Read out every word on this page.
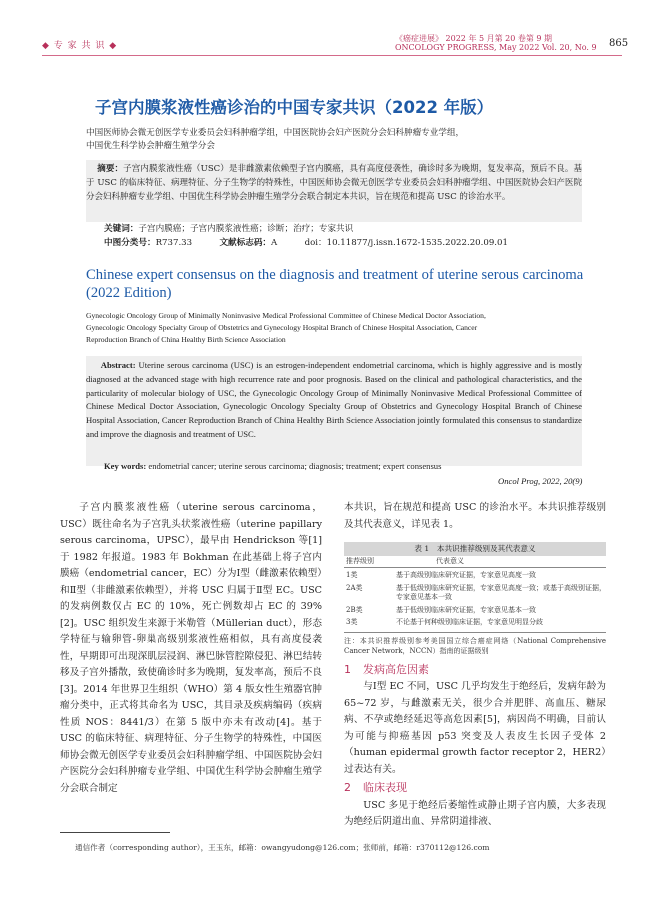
◆ 专 家 共 识 ◆
《癌症进展》 2022 年 5 月第 20 卷第 9 期
ONCOLOGY PROGRESS, May 2022 Vol. 20, No. 9 865
子宫内膜浆液性癌诊治的中国专家共识（2022 年版）
中国医师协会微无创医学专业委员会妇科肿瘤学组，中国医院协会妇产医院分会妇科肿瘤专业学组，
中国优生科学协会肿瘤生殖学分会
摘要：子宫内膜浆液性癌（USC）是非雌激素依赖型子宫内膜癌，具有高度侵袭性，确诊时多为晚期，复发率高，预后不良。基于 USC 的临床特征、病理特征、分子生物学的特殊性，中国医师协会微无创医学专业委员会妇科肿瘤学组、中国医院协会妇产医院分会妇科肿瘤专业学组、中国优生科学协会肿瘤生殖学分会联合制定本共识，旨在规范和提高 USC 的诊治水平。
关键词：子宫内膜癌；子宫内膜浆液性癌；诊断；治疗；专家共识
中图分类号：R737.33	文献标志码：A	doi：10.11877/j.issn.1672-1535.2022.20.09.01
Chinese expert consensus on the diagnosis and treatment of uterine serous carcinoma (2022 Edition)
Gynecologic Oncology Group of Minimally Noninvasive Medical Professional Committee of Chinese Medical Doctor Association,
Gynecologic Oncology Specialty Group of Obstetrics and Gynecology Hospital Branch of Chinese Hospital Association, Cancer
Reproduction Branch of China Healthy Birth Science Association
Abstract: Uterine serous carcinoma (USC) is an estrogen-independent endometrial carcinoma, which is highly aggressive and is mostly diagnosed at the advanced stage with high recurrence rate and poor prognosis. Based on the clinical and pathological characteristics, and the particularity of molecular biology of USC, the Gynecologic Oncology Group of Minimally Noninvasive Medical Professional Committee of Chinese Medical Doctor Association, Gynecologic Oncology Specialty Group of Obstetrics and Gynecology Hospital Branch of Chinese Hospital Association, Cancer Reproduction Branch of China Healthy Birth Science Association jointly formulated this consensus to standardize and improve the diagnosis and treatment of USC.
Key words: endometrial cancer; uterine serous carcinoma; diagnosis; treatment; expert consensus
Oncol Prog, 2022, 20(9)
子宫内膜浆液性癌（uterine serous carcinoma，USC）既往命名为子宫乳头状浆液性癌（uterine papillary serous carcinoma，UPSC），最早由 Hendrickson 等[1]于 1982 年报道。1983 年 Bokhman 在此基础上将子宫内膜癌（endometrial cancer，EC）分为Ⅰ型（雌激素依赖型）和Ⅱ型（非雌激素依赖型），并将 USC 归属于Ⅱ型 EC。USC 的发病例数仅占 EC 的 10%，死亡例数却占 EC 的 39%[2]。USC 组织发生来源于米勒管（Müllerian duct），形态学特征与输卵管-卵巢高级别浆液性癌相似，具有高度侵袭性，早期即可出现深肌层浸润、淋巴脉管腔隙侵犯、淋巴结转移及子宫外播散，致使确诊时多为晚期，复发率高，预后不良[3]。2014 年世界卫生组织（WHO）第 4 版女性生殖器官肿瘤分类中，正式将其命名为 USC，其目录及疾病编码（疾病性质 NOS：8441/3）在第 5 版中亦未有改动[4]。基于 USC 的临床特征、病理特征、分子生物学的特殊性，中国医师协会微无创医学专业委员会妇科肿瘤学组、中国医院协会妇产医院分会妇科肿瘤专业学组、中国优生科学协会肿瘤生殖学分会联合制定
本共识，旨在规范和提高 USC 的诊治水平。本共识推荐级别及其代表意义，详见表 1。
表 1　本共识推荐级别及其代表意义
推荐级别	代表意义
1类	基于高级别临床研究证据，专家意见高度一致
2A类	基于低级别临床研究证据，专家意见高度一致；或基于高级别证据，专家意见基本一致
2B类	基于低级别临床研究证据，专家意见基本一致
3类	不论基于何种级别临床证据，专家意见明显分歧
注：本共识推荐级别参考美国国立综合癌症网络（National Comprehensive Cancer Network，NCCN）指南的证据级别
1 发病高危因素
与Ⅰ型 EC 不同，USC 几乎均发生于绝经后，发病年龄为 65~72 岁，与雌激素无关，很少合并肥胖、高血压、糖尿病、不孕或绝经延迟等高危因素[5]，病因尚不明确，目前认为可能与抑癌基因 p53 突变及人表皮生长因子受体 2（human epidermal growth factor receptor 2，HER2）过表达有关。
2 临床表现
USC 多见于绝经后萎缩性或静止期子宫内膜，大多表现为绝经后阴道出血、异常阴道排液、
通信作者（corresponding author），王玉东，邮箱：owangyudong@126.com；张师前，邮箱：r370112@126.com
